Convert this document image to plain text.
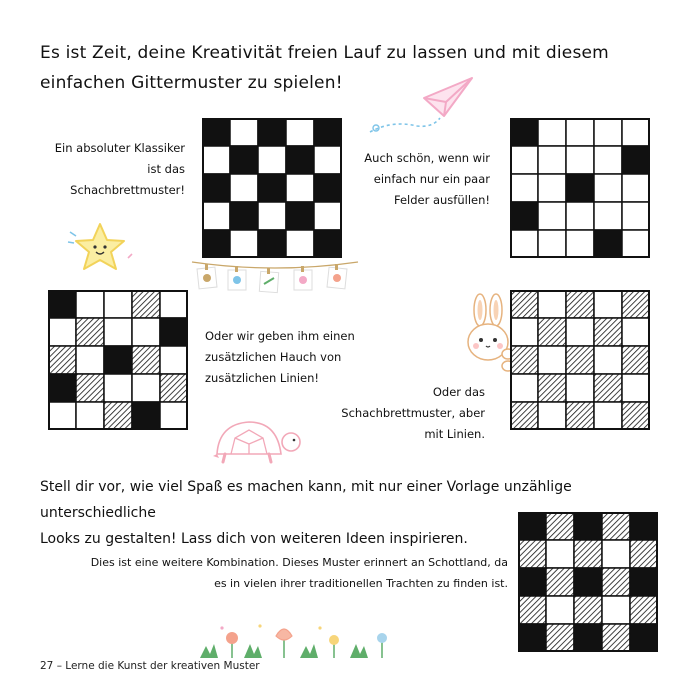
Es ist Zeit, deine Kreativität freien Lauf zu lassen und mit diesem
einfachen Gittermuster zu spielen!

Ein absoluter Klassiker
ist das
Schachbrettmuster!

Auch schön, wenn wir
einfach nur ein paar
Felder ausfüllen!

Oder wir geben ihm einen
zusätzlichen Hauch von
zusätzlichen Linien!

Oder das
Schachbrettmuster, aber
mit Linien.

Stell dir vor, wie viel Spaß es machen kann, mit nur einer Vorlage unzählige unterschiedliche
Looks zu gestalten! Lass dich von weiteren Ideen inspirieren.

Dies ist eine weitere Kombination. Dieses Muster erinnert an Schottland, da
es in vielen ihrer traditionellen Trachten zu finden ist.

27 – Lerne die Kunst der kreativen Muster
